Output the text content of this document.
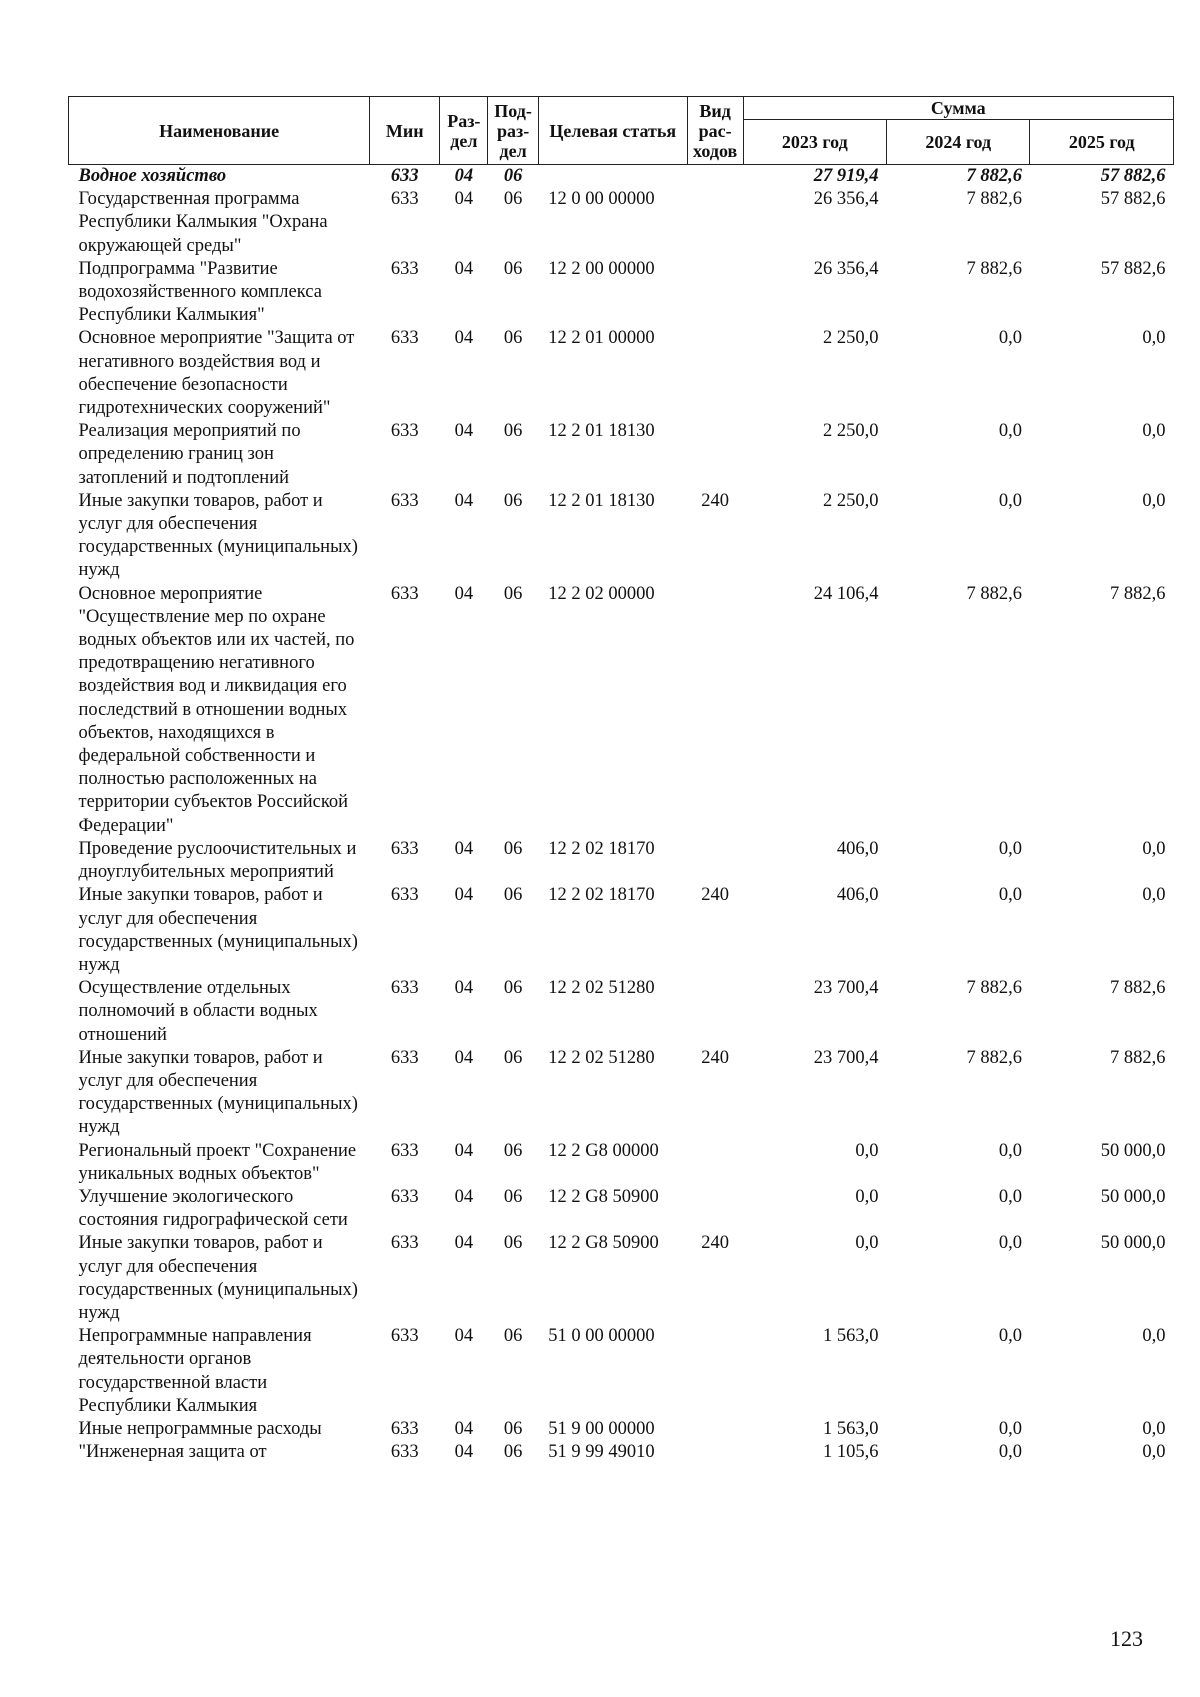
Наименование	Мин	Раз-дел	Под-раз-дел	Целевая статья	Вид рас-ходов	Сумма		
						2023 год	2024 год	2025 год
Водное хозяйство	633	04	06			27 919,4	7 882,6	57 882,6
Государственная программа Республики Калмыкия "Охрана окружающей среды"	633	04	06	12 0 00 00000		26 356,4	7 882,6	57 882,6
Подпрограмма "Развитие водохозяйственного комплекса Республики Калмыкия"	633	04	06	12 2 00 00000		26 356,4	7 882,6	57 882,6
Основное мероприятие "Защита от негативного воздействия вод и обеспечение безопасности гидротехнических сооружений"	633	04	06	12 2 01 00000		2 250,0	0,0	0,0
Реализация мероприятий по определению границ зон затоплений и подтоплений	633	04	06	12 2 01 18130		2 250,0	0,0	0,0
Иные закупки товаров, работ и услуг для обеспечения государственных (муниципальных) нужд	633	04	06	12 2 01 18130	240	2 250,0	0,0	0,0
Основное мероприятие "Осуществление мер по охране водных объектов или их частей, по предотвращению негативного воздействия вод и ликвидация его последствий в отношении водных объектов, находящихся в федеральной собственности и полностью расположенных на территории субъектов Российской Федерации"	633	04	06	12 2 02 00000		24 106,4	7 882,6	7 882,6
Проведение руслоочистительных и дноуглубительных мероприятий	633	04	06	12 2 02 18170		406,0	0,0	0,0
Иные закупки товаров, работ и услуг для обеспечения государственных (муниципальных) нужд	633	04	06	12 2 02 18170	240	406,0	0,0	0,0
Осуществление отдельных полномочий в области водных отношений	633	04	06	12 2 02 51280		23 700,4	7 882,6	7 882,6
Иные закупки товаров, работ и услуг для обеспечения государственных (муниципальных) нужд	633	04	06	12 2 02 51280	240	23 700,4	7 882,6	7 882,6
Региональный проект "Сохранение уникальных водных объектов"	633	04	06	12 2 G8 00000		0,0	0,0	50 000,0
Улучшение экологического состояния гидрографической сети	633	04	06	12 2 G8 50900		0,0	0,0	50 000,0
Иные закупки товаров, работ и услуг для обеспечения государственных (муниципальных) нужд	633	04	06	12 2 G8 50900	240	0,0	0,0	50 000,0
Непрограммные направления деятельности органов государственной власти Республики Калмыкия	633	04	06	51 0 00 00000		1 563,0	0,0	0,0
Иные непрограммные расходы	633	04	06	51 9 00 00000		1 563,0	0,0	0,0
"Инженерная защита от	633	04	06	51 9 99 49010		1 105,6	0,0	0,0
123
